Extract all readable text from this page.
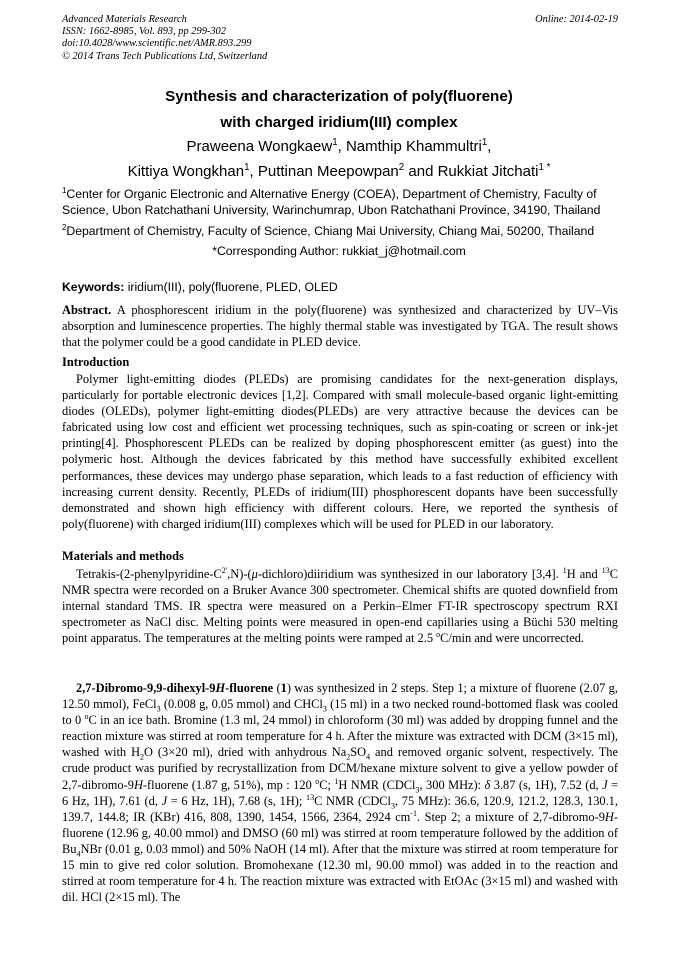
Advanced Materials Research
ISSN: 1662-8985, Vol. 893, pp 299-302
doi:10.4028/www.scientific.net/AMR.893.299
© 2014 Trans Tech Publications Ltd, Switzerland
Online: 2014-02-19
Synthesis and characterization of poly(fluorene)
with charged iridium(III) complex
Praweena Wongkaew$^1$, Namthip Khammultri$^1$,
Kittiya Wongkhan$^1$, Puttinan Meepowpan$^2$ and Rukkiat Jitchati$^{1 *}$
$^1$Center for Organic Electronic and Alternative Energy (COEA), Department of Chemistry, Faculty of Science, Ubon Ratchathani University, Warinchumrap, Ubon Ratchathani Province, 34190, Thailand
$^2$Department of Chemistry, Faculty of Science, Chiang Mai University, Chiang Mai, 50200, Thailand
*Corresponding Author: rukkiat_j@hotmail.com
Keywords: iridium(III), poly(fluorene, PLED, OLED
Abstract. A phosphorescent iridium in the poly(fluorene) was synthesized and characterized by UV–Vis absorption and luminescence properties. The highly thermal stable was investigated by TGA. The result shows that the polymer could be a good candidate in PLED device.
Introduction
Polymer light-emitting diodes (PLEDs) are promising candidates for the next-generation displays, particularly for portable electronic devices [1,2]. Compared with small molecule-based organic light-emitting diodes (OLEDs), polymer light-emitting diodes(PLEDs) are very attractive because the devices can be fabricated using low cost and efficient wet processing techniques, such as spin-coating or screen or ink-jet printing[4]. Phosphorescent PLEDs can be realized by doping phosphorescent emitter (as guest) into the polymeric host. Although the devices fabricated by this method have successfully exhibited excellent performances, these devices may undergo phase separation, which leads to a fast reduction of efficiency with increasing current density. Recently, PLEDs of iridium(III) phosphorescent dopants have been successfully demonstrated and shown high efficiency with different colours. Here, we reported the synthesis of poly(fluorene) with charged iridium(III) complexes which will be used for PLED in our laboratory.
Materials and methods
Tetrakis-$(2-phenylpyridine-C^{2'},N)-(\mu-dichloro)diiridium$ was synthesized in our laboratory [3,4]. $^1$H and $^{13}$C NMR spectra were recorded on a Bruker Avance 300 spectrometer. Chemical shifts are quoted downfield from internal standard TMS. IR spectra were measured on a Perkin–Elmer FT-IR spectroscopy spectrum RXI spectrometer as NaCl disc. Melting points were measured in open-end capillaries using a Büchi 530 melting point apparatus. The temperatures at the melting points were ramped at 2.5 $^o$C/min and were uncorrected.
2,7-Dibromo-9,9-dihexyl-9H-fluorene (1) was synthesized in 2 steps. Step 1; a mixture of fluorene (2.07 g, 12.50 mmol), FeCl$_3$ (0.008 g, 0.05 mmol) and CHCl$_3$ (15 ml) in a two necked round-bottomed flask was cooled to 0 $^o$C in an ice bath. Bromine (1.3 ml, 24 mmol) in chloroform (30 ml) was added by dropping funnel and the reaction mixture was stirred at room temperature for 4 h. After the mixture was extracted with DCM (3×15 ml), washed with $H_2O$ (3×20 ml), dried with anhydrous $Na_2SO_4$ and removed organic solvent, respectively. The crude product was purified by recrystallization from DCM/hexane mixture solvent to give a yellow powder of 2,7-dibromo-9H-fluorene (1.87 g, 51%), mp : 120 $^o$C; $^1$H NMR (CDCl$_3$, 300 MHz): δ 3.87 (s, 1H), 7.52 (d, J = 6 Hz, 1H), 7.61 (d, J = 6 Hz, 1H), 7.68 (s, 1H); $^{13}$C NMR (CDCl$_3$, 75 MHz): 36.6, 120.9, 121.2, 128.3, 130.1, 139.7, 144.8; IR (KBr) 416, 808, 1390, 1454, 1566, 2364, 2924 $cm^{-1}$. Step 2; a mixture of 2,7-dibromo-9H-fluorene (12.96 g, 40.00 mmol) and DMSO (60 ml) was stirred at room temperature followed by the addition of $Bu_4NBr$ (0.01 g, 0.03 mmol) and 50% NaOH (14 ml). After that the mixture was stirred at room temperature for 15 min to give red color solution. Bromohexane (12.30 ml, 90.00 mmol) was added in to the reaction and stirred at room temperature for 4 h. The reaction mixture was extracted with EtOAc (3×15 ml) and washed with dil. HCl (2×15 ml). The
